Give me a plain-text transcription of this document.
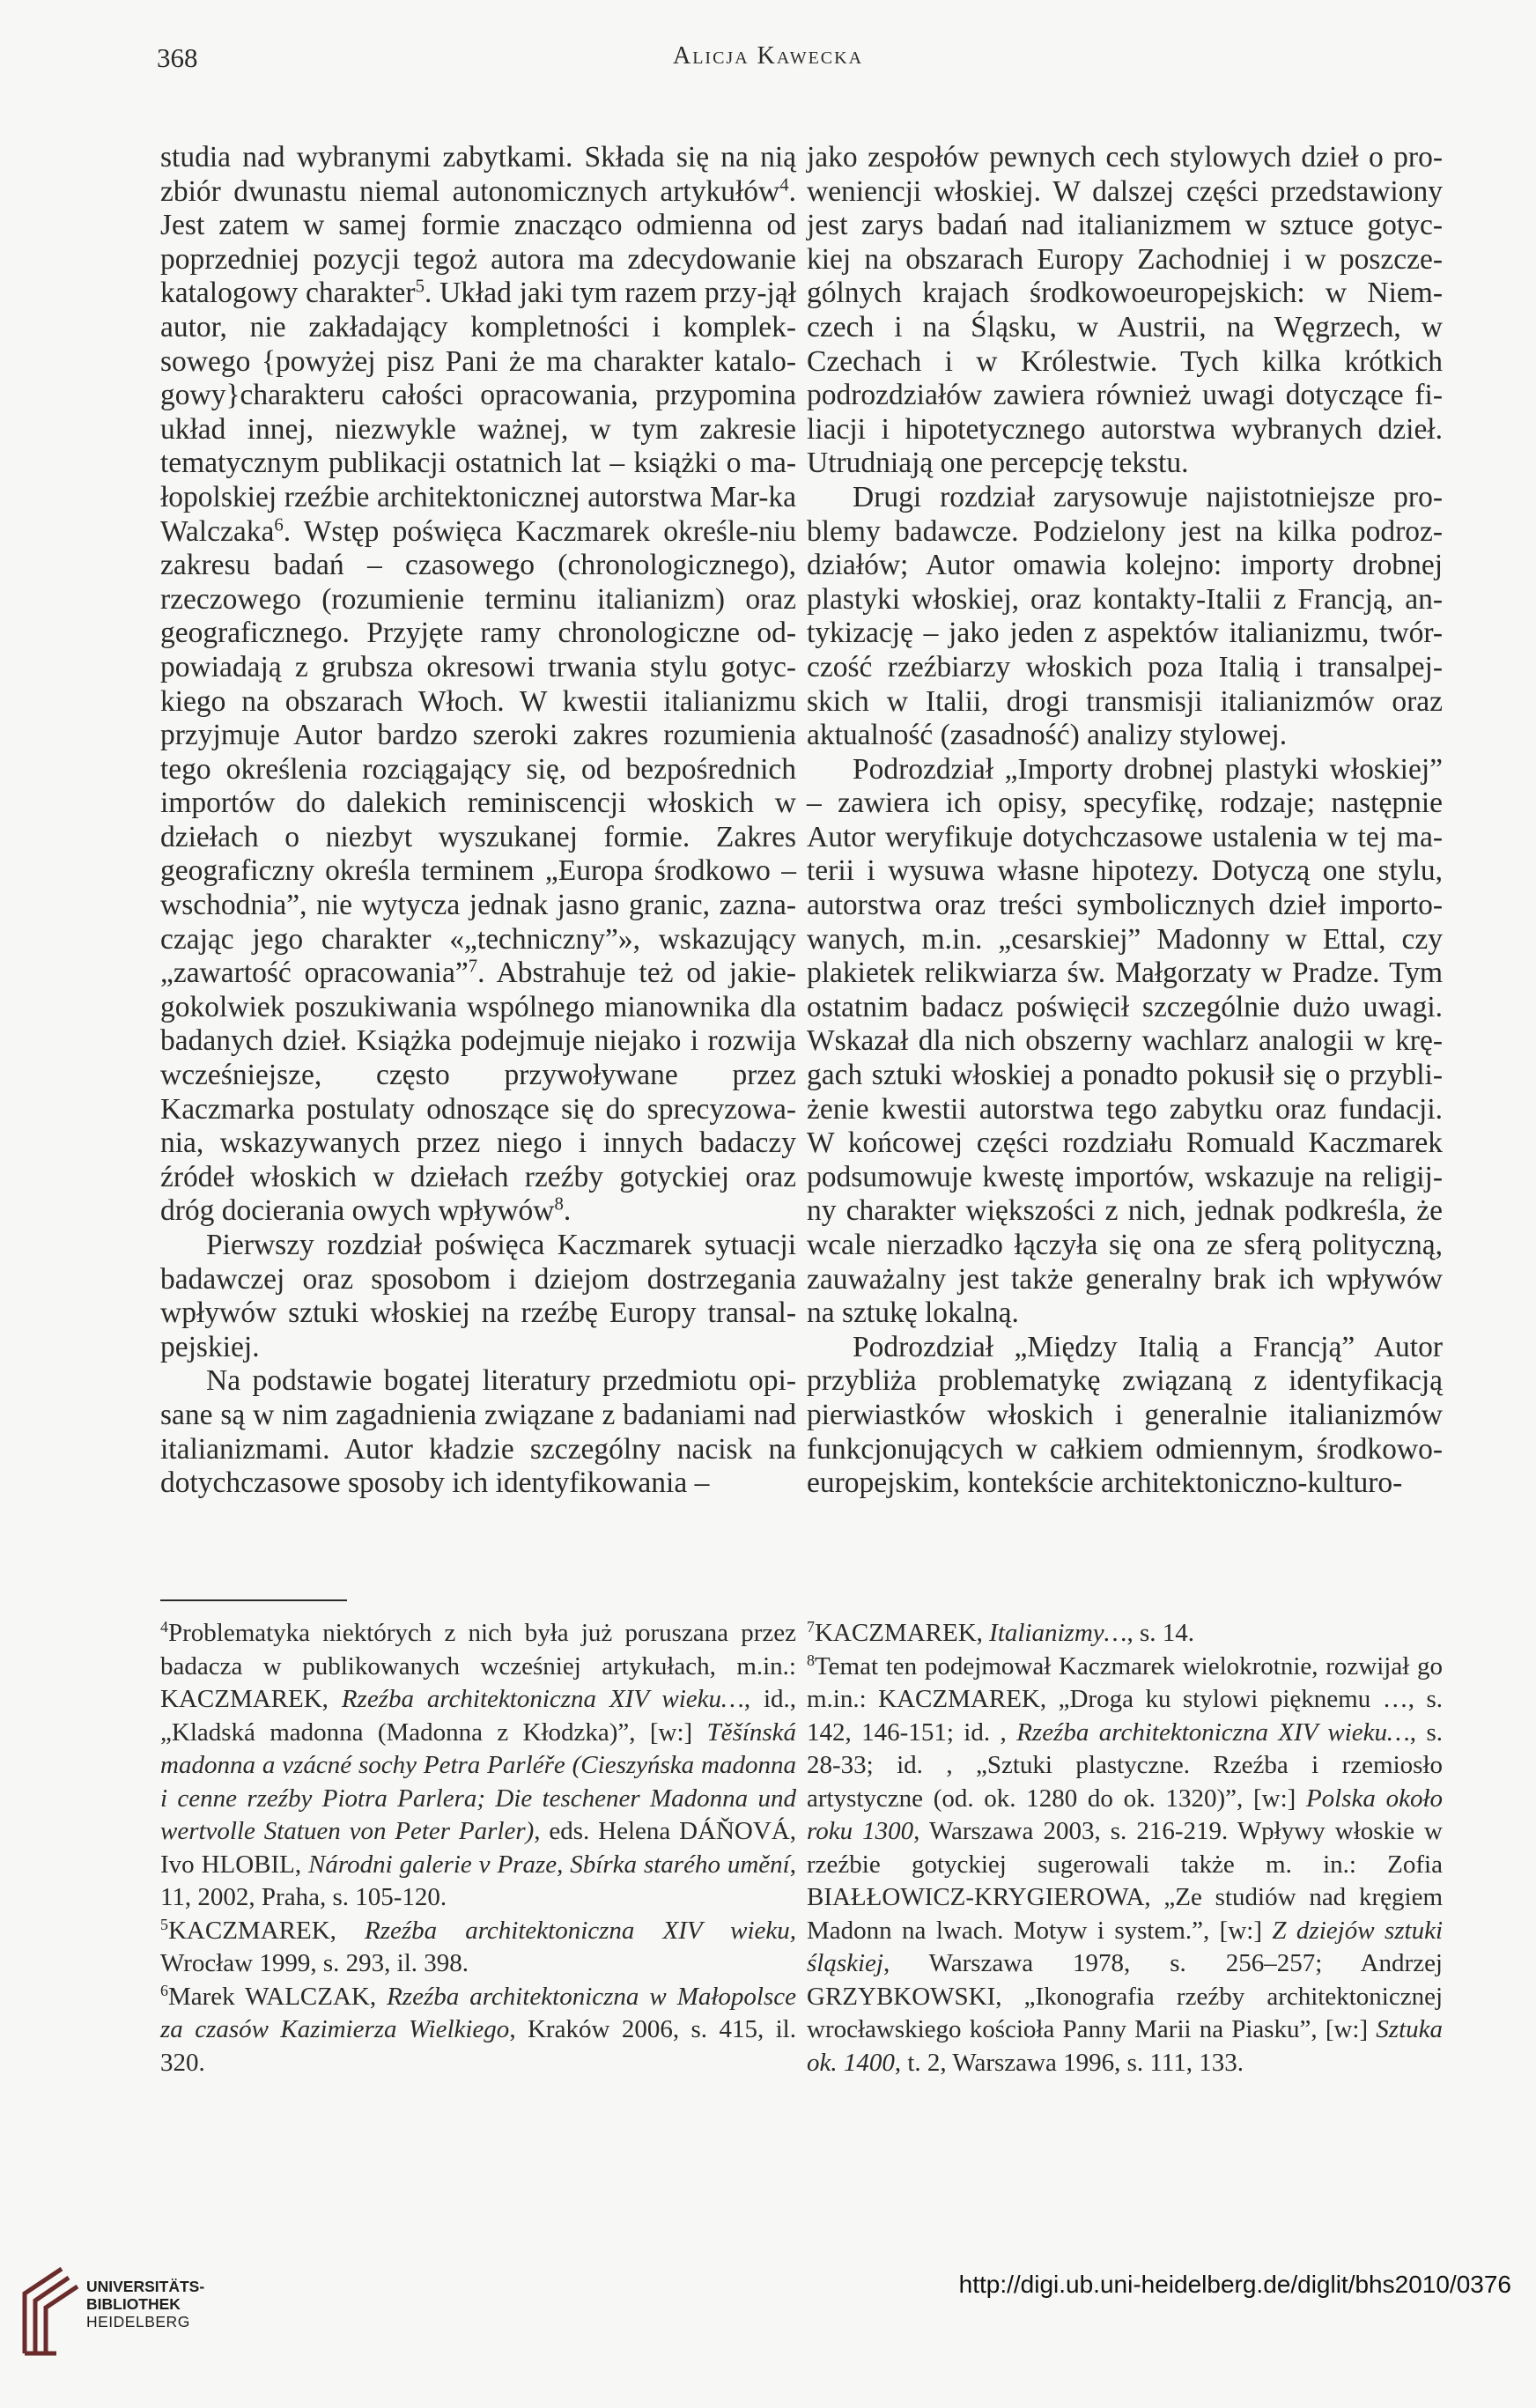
368	Alicja Kawecka

studia nad wybranymi zabytkami. Składa się na nią zbiór dwunastu niemal autonomicznych artykułów$^4$. Jest zatem w samej formie znacząco odmienna od poprzedniej pozycji tegoż autora ma zdecydowanie katalogowy charakter$^5$. Układ jaki tym razem przy-jął autor, nie zakładający kompletności i komplek-sowego {powyżej pisz Pani że ma charakter katalo-gowy}charakteru całości opracowania, przypomina układ innej, niezwykle ważnej, w tym zakresie tematycznym publikacji ostatnich lat – książki o ma-łopolskiej rzeźbie architektonicznej autorstwa Mar-ka Walczaka$^6$. Wstęp poświęca Kaczmarek określe-niu zakresu badań – czasowego (chronologicznego), rzeczowego (rozumienie terminu italianizm) oraz geograficznego. Przyjęte ramy chronologiczne od-powiadają z grubsza okresowi trwania stylu gotyc-kiego na obszarach Włoch. W kwestii italianizmu przyjmuje Autor bardzo szeroki zakres rozumienia tego określenia rozciągający się, od bezpośrednich importów do dalekich reminiscencji włoskich w dziełach o niezbyt wyszukanej formie. Zakres geograficzny określa terminem „Europa środkowo – wschodnia”, nie wytycza jednak jasno granic, zazna-czając jego charakter «„techniczny”», wskazujący „zawartość opracowania”$^7$. Abstrahuje też od jakie-gokolwiek poszukiwania wspólnego mianownika dla badanych dzieł. Książka podejmuje niejako i rozwija wcześniejsze, często przywoływane przez Kaczmarka postulaty odnoszące się do sprecyzowa-nia, wskazywanych przez niego i innych badaczy źródeł włoskich w dziełach rzeźby gotyckiej oraz dróg docierania owych wpływów$^8$.

Pierwszy rozdział poświęca Kaczmarek sytuacji badawczej oraz sposobom i dziejom dostrzegania wpływów sztuki włoskiej na rzeźbę Europy transal-pejskiej.

Na podstawie bogatej literatury przedmiotu opi-sane są w nim zagadnienia związane z badaniami nad italianizmami. Autor kładzie szczególny nacisk na dotychczasowe sposoby ich identyfikowania –

jako zespołów pewnych cech stylowych dzieł o pro-weniencji włoskiej. W dalszej części przedstawiony jest zarys badań nad italianizmem w sztuce gotyc-kiej na obszarach Europy Zachodniej i w poszcze-gólnych krajach środkowoeuropejskich: w Niem-czech i na Śląsku, w Austrii, na Węgrzech, w Czechach i w Królestwie. Tych kilka krótkich podrozdziałów zawiera również uwagi dotyczące fi-liacji i hipotetycznego autorstwa wybranych dzieł. Utrudniają one percepcję tekstu.

Drugi rozdział zarysowuje najistotniejsze pro-blemy badawcze. Podzielony jest na kilka podroz-działów; Autor omawia kolejno: importy drobnej plastyki włoskiej, oraz kontakty-Italii z Francją, an-tykizację – jako jeden z aspektów italianizmu, twór-czość rzeźbiarzy włoskich poza Italią i transalpej-skich w Italii, drogi transmisji italianizmów oraz aktualność (zasadność) analizy stylowej.

Podrozdział „Importy drobnej plastyki włoskiej” – zawiera ich opisy, specyfikę, rodzaje; następnie Autor weryfikuje dotychczasowe ustalenia w tej ma-terii i wysuwa własne hipotezy. Dotyczą one stylu, autorstwa oraz treści symbolicznych dzieł importo-wanych, m.in. „cesarskiej” Madonny w Ettal, czy plakietek relikwiarza św. Małgorzaty w Pradze. Tym ostatnim badacz poświęcił szczególnie dużo uwagi. Wskazał dla nich obszerny wachlarz analogii w krę-gach sztuki włoskiej a ponadto pokusił się o przybli-żenie kwestii autorstwa tego zabytku oraz fundacji. W końcowej części rozdziału Romuald Kaczmarek podsumowuje kwestę importów, wskazuje na religij-ny charakter większości z nich, jednak podkreśla, że wcale nierzadko łączyła się ona ze sferą polityczną, zauważalny jest także generalny brak ich wpływów na sztukę lokalną.

Podrozdział „Między Italią a Francją” Autor przybliża problematykę związaną z identyfikacją pierwiastków włoskich i generalnie italianizmów funkcjonujących w całkiem odmiennym, środkowo-europejskim, kontekście architektoniczno-kulturo-

$^4$Problematyka niektórych z nich była już poruszana przez badacza w publikowanych wcześniej artykułach, m.in.: KACZMAREK, Rzeźba architektoniczna XIV wieku…, id., „Kladská madonna (Madonna z Kłodzka)”, [w:] Těšínská madonna a vzácné sochy Petra Parléře (Cieszyńska madonna i cenne rzeźby Piotra Parlera; Die teschener Madonna und wertvolle Statuen von Peter Parler), eds. Helena DÁŇOVÁ, Ivo HLOBIL, Národni galerie v Praze, Sbírka starého umění, 11, 2002, Praha, s. 105-120.

$^5$KACZMAREK, Rzeźba architektoniczna XIV wieku, Wrocław 1999, s. 293, il. 398.

$^6$Marek WALCZAK, Rzeźba architektoniczna w Małopolsce za czasów Kazimierza Wielkiego, Kraków 2006, s. 415, il. 320.

$^7$KACZMAREK, Italianizmy…, s. 14.

$^8$Temat ten podejmował Kaczmarek wielokrotnie, rozwijał go m.in.: KACZMAREK, „Droga ku stylowi pięknemu …, s. 142, 146-151; id. , Rzeźba architektoniczna XIV wieku…, s. 28-33; id. , „Sztuki plastyczne. Rzeźba i rzemiosło artystyczne (od. ok. 1280 do ok. 1320)”, [w:] Polska około roku 1300, Warszawa 2003, s. 216-219. Wpływy włoskie w rzeźbie gotyckiej sugerowali także m. in.: Zofia BIAŁŁOWICZ-KRYGIEROWA, „Ze studiów nad kręgiem Madonn na lwach. Motyw i system.”, [w:] Z dziejów sztuki śląskiej, Warszawa 1978, s. 256–257; Andrzej GRZYBKOWSKI, „Ikonografia rzeźby architektonicznej wrocławskiego kościoła Panny Marii na Piasku”, [w:] Sztuka ok. 1400, t. 2, Warszawa 1996, s. 111, 133.

UNIVERSITÄTS-
BIBLIOTHEK
HEIDELBERG
http://digi.ub.uni-heidelberg.de/diglit/bhs2010/0376
